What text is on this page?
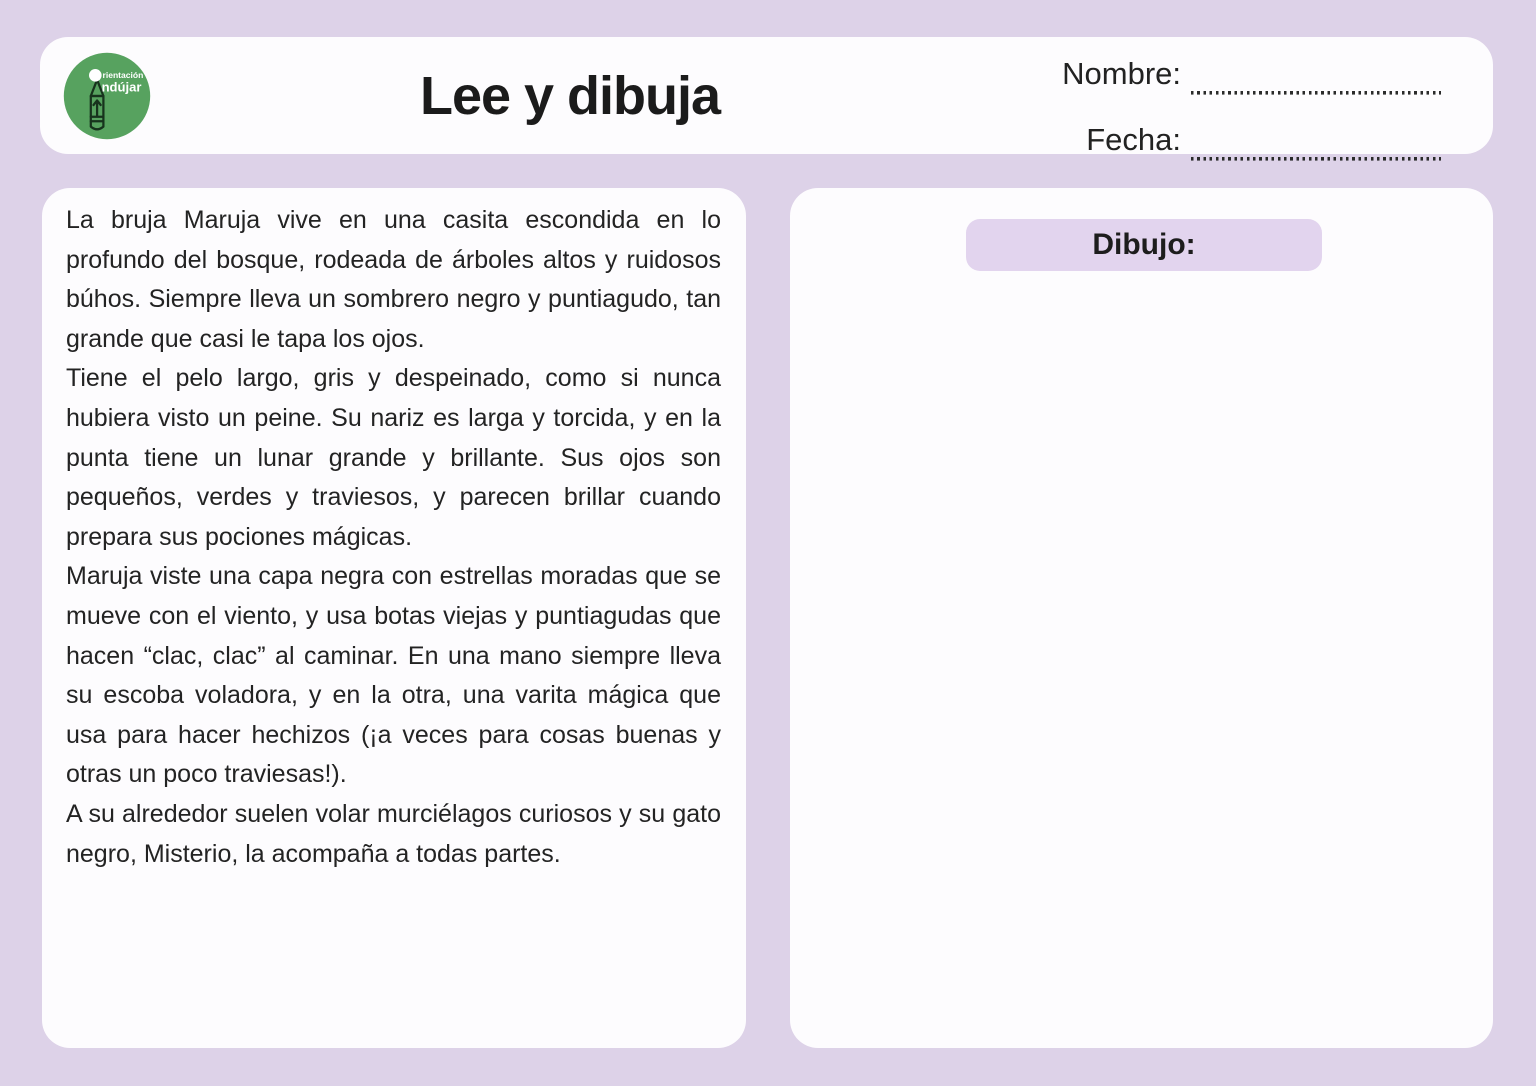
rientación
ndújar	Lee y dibuja	Nombre:
Fecha:

La bruja Maruja vive en una casita escondida en lo profundo del bosque, rodeada de árboles altos y ruidosos búhos. Siempre lleva un sombrero negro y puntiagudo, tan grande que casi le tapa los ojos.

Tiene el pelo largo, gris y despeinado, como si nunca hubiera visto un peine. Su nariz es larga y torcida, y en la punta tiene un lunar grande y brillante. Sus ojos son pequeños, verdes y traviesos, y parecen brillar cuando prepara sus pociones mágicas.

Maruja viste una capa negra con estrellas moradas que se mueve con el viento, y usa botas viejas y puntiagudas que hacen “clac, clac” al caminar. En una mano siempre lleva su escoba voladora, y en la otra, una varita mágica que usa para hacer hechizos (¡a veces para cosas buenas y otras un poco traviesas!).

A su alrededor suelen volar murciélagos curiosos y su gato negro, Misterio, la acompaña a todas partes.

Dibujo:
